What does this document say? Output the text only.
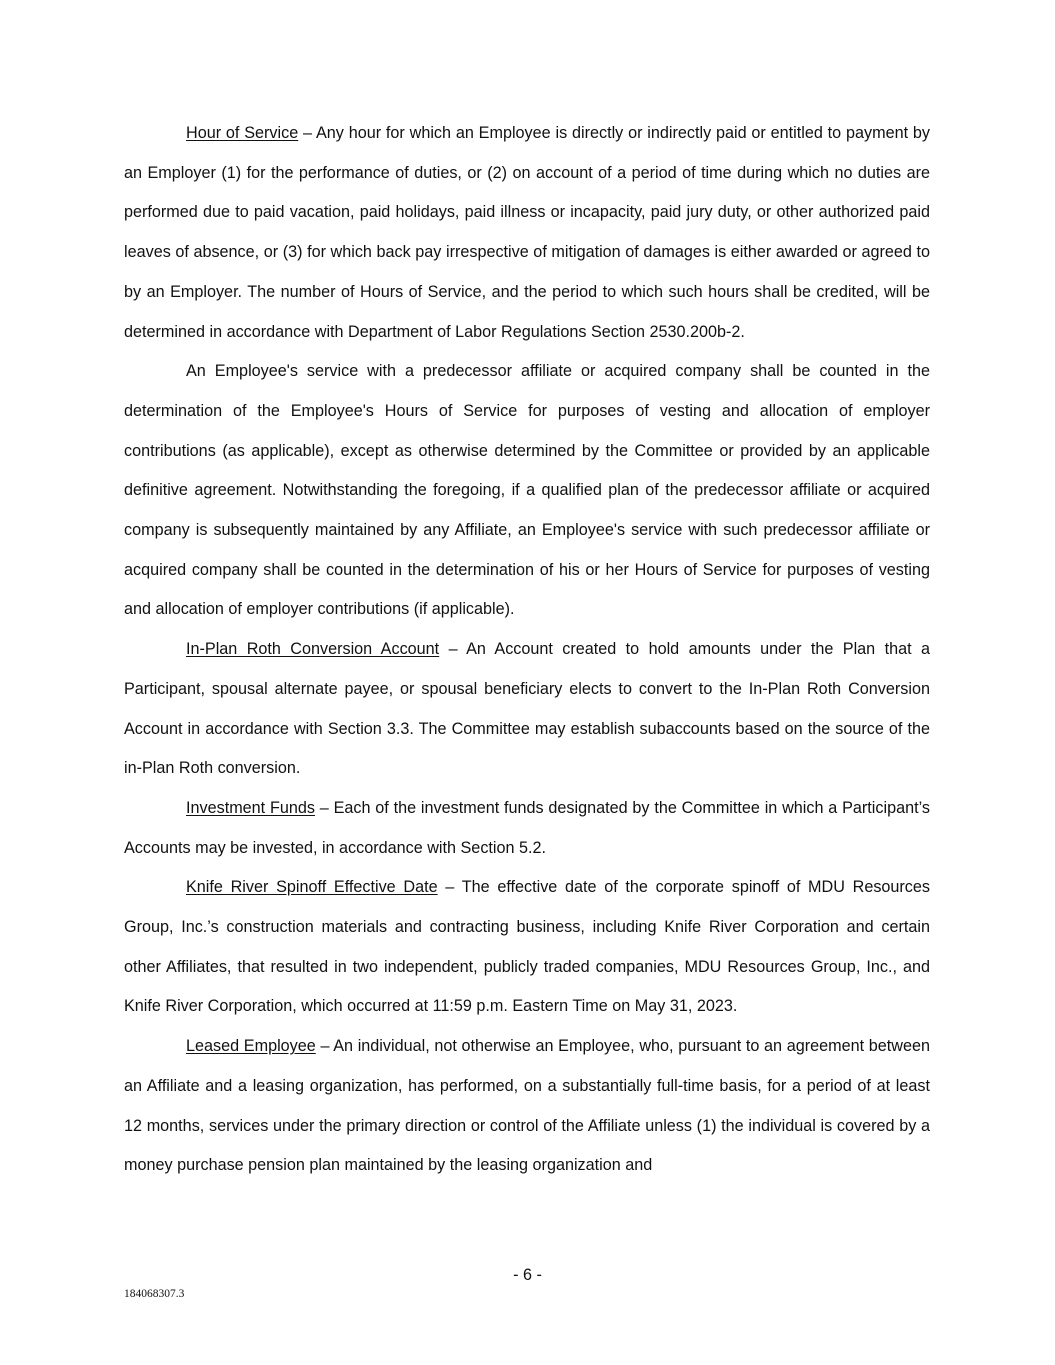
Hour of Service – Any hour for which an Employee is directly or indirectly paid or entitled to payment by an Employer (1) for the performance of duties, or (2) on account of a period of time during which no duties are performed due to paid vacation, paid holidays, paid illness or incapacity, paid jury duty, or other authorized paid leaves of absence, or (3) for which back pay irrespective of mitigation of damages is either awarded or agreed to by an Employer. The number of Hours of Service, and the period to which such hours shall be credited, will be determined in accordance with Department of Labor Regulations Section 2530.200b-2.

An Employee's service with a predecessor affiliate or acquired company shall be counted in the determination of the Employee's Hours of Service for purposes of vesting and allocation of employer contributions (as applicable), except as otherwise determined by the Committee or provided by an applicable definitive agreement. Notwithstanding the foregoing, if a qualified plan of the predecessor affiliate or acquired company is subsequently maintained by any Affiliate, an Employee's service with such predecessor affiliate or acquired company shall be counted in the determination of his or her Hours of Service for purposes of vesting and allocation of employer contributions (if applicable).

In-Plan Roth Conversion Account – An Account created to hold amounts under the Plan that a Participant, spousal alternate payee, or spousal beneficiary elects to convert to the In-Plan Roth Conversion Account in accordance with Section 3.3. The Committee may establish subaccounts based on the source of the in-Plan Roth conversion.

Investment Funds – Each of the investment funds designated by the Committee in which a Participant’s Accounts may be invested, in accordance with Section 5.2.

Knife River Spinoff Effective Date – The effective date of the corporate spinoff of MDU Resources Group, Inc.’s construction materials and contracting business, including Knife River Corporation and certain other Affiliates, that resulted in two independent, publicly traded companies, MDU Resources Group, Inc., and Knife River Corporation, which occurred at 11:59 p.m. Eastern Time on May 31, 2023.

Leased Employee – An individual, not otherwise an Employee, who, pursuant to an agreement between an Affiliate and a leasing organization, has performed, on a substantially full-time basis, for a period of at least 12 months, services under the primary direction or control of the Affiliate unless (1) the individual is covered by a money purchase pension plan maintained by the leasing organization and

- 6 -
184068307.3
